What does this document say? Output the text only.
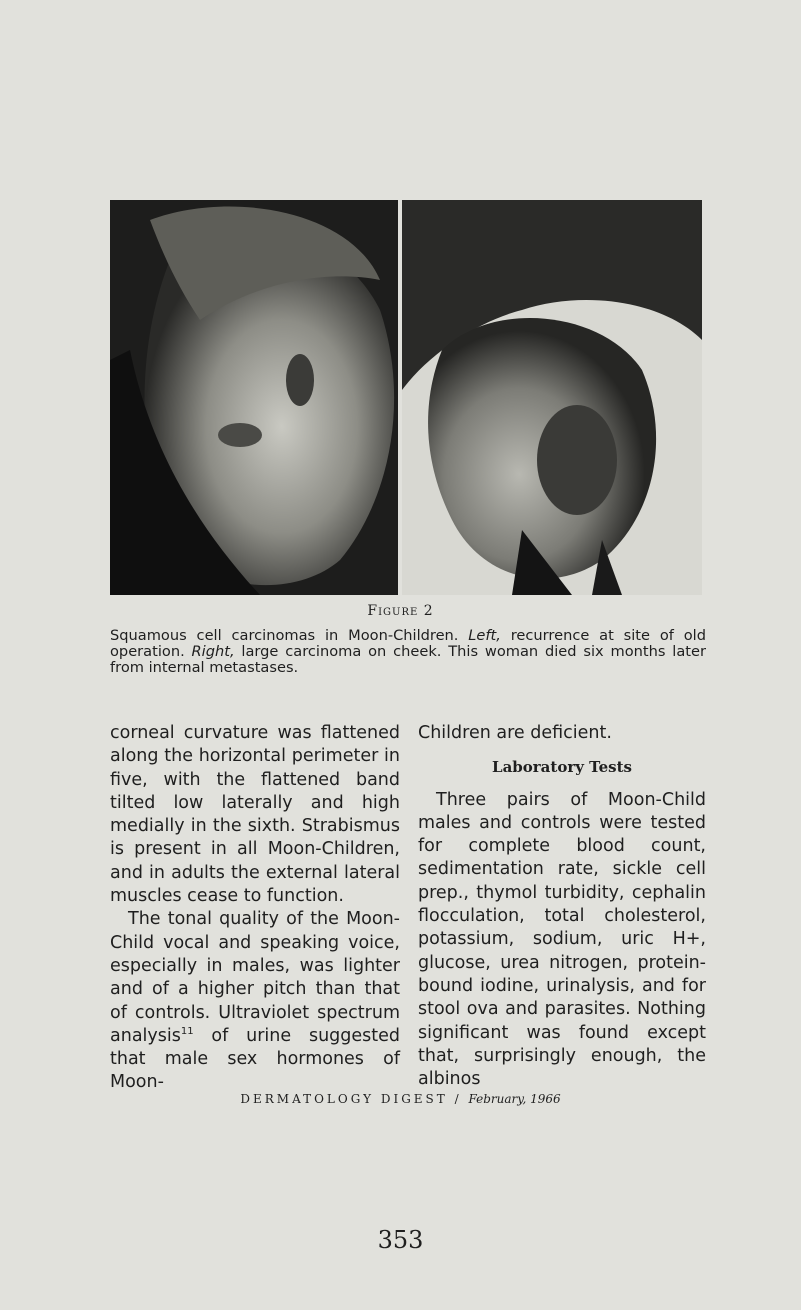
Figure 2
Squamous cell carcinomas in Moon-Children. Left, recurrence at site of old operation. Right, large carcinoma on cheek. This woman died six months later from internal metastases.

corneal curvature was flattened along the horizontal perimeter in five, with the flattened band tilted low laterally and high medially in the sixth. Strabismus is present in all Moon-Children, and in adults the external lateral muscles cease to function.

The tonal quality of the Moon-Child vocal and speaking voice, especially in males, was lighter and of a higher pitch than that of controls. Ultraviolet spectrum analysis$^{11}$ of urine suggested that male sex hormones of Moon-

Children are deficient.

Laboratory Tests

Three pairs of Moon-Child males and controls were tested for complete blood count, sedimentation rate, sickle cell prep., thymol turbidity, cephalin flocculation, total cholesterol, potassium, sodium, uric H+, glucose, urea nitrogen, protein-bound iodine, urinalysis, and for stool ova and parasites. Nothing significant was found except that, surprisingly enough, the albinos

DERMATOLOGY DIGEST / February, 1966
353
